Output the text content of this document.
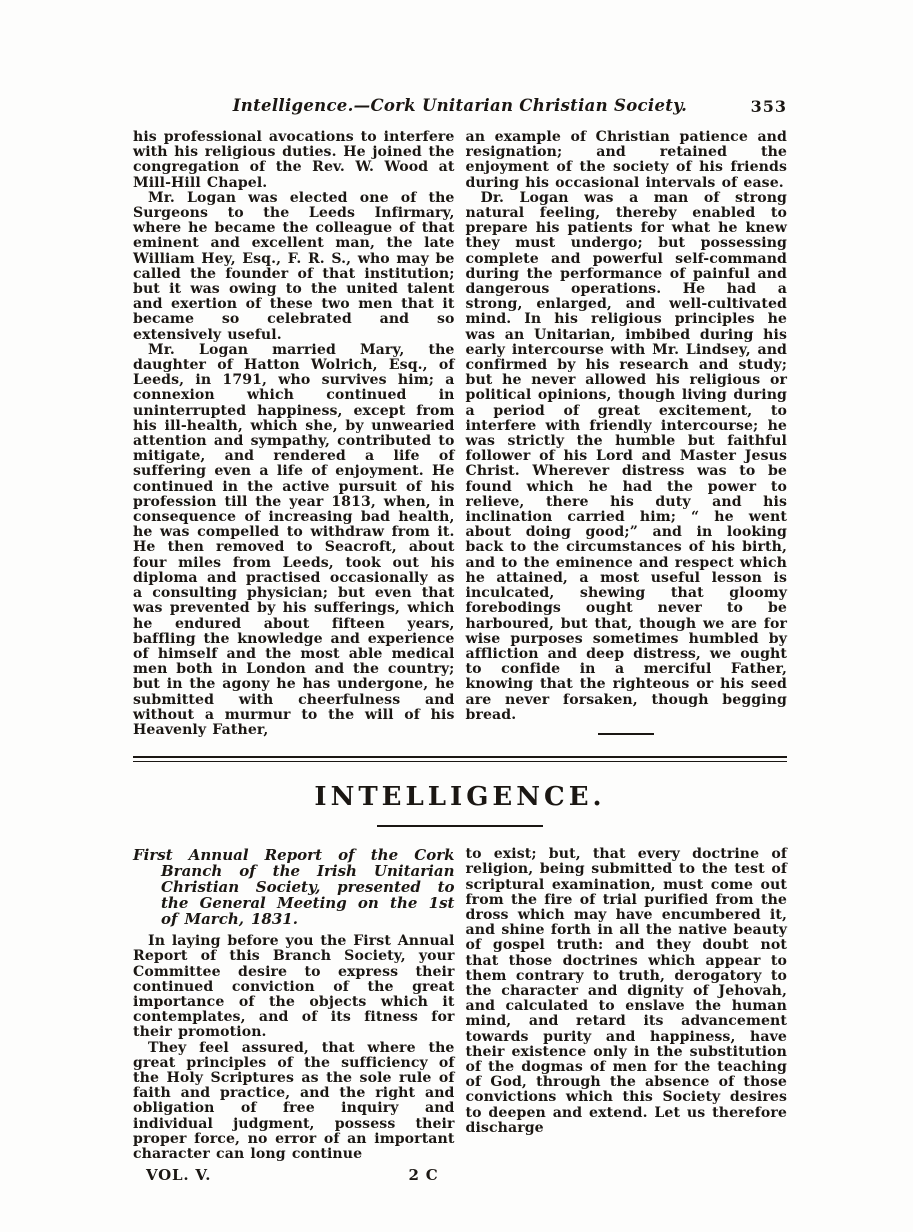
Intelligence.—Cork Unitarian Christian Society.	353

his professional avocations to interfere with his religious duties. He joined the congregation of the Rev. W. Wood at Mill-Hill Chapel.

Mr. Logan was elected one of the Surgeons to the Leeds Infirmary, where he became the colleague of that eminent and excellent man, the late William Hey, Esq., F. R. S., who may be called the founder of that institution; but it was owing to the united talent and exertion of these two men that it became so celebrated and so extensively useful.

Mr. Logan married Mary, the daughter of Hatton Wolrich, Esq., of Leeds, in 1791, who survives him; a connexion which continued in uninterrupted happiness, except from his ill-health, which she, by unwearied attention and sympathy, contributed to mitigate, and rendered a life of suffering even a life of enjoyment. He continued in the active pursuit of his profession till the year 1813, when, in consequence of increasing bad health, he was compelled to withdraw from it. He then removed to Seacroft, about four miles from Leeds, took out his diploma and practised occasionally as a consulting physician; but even that was prevented by his sufferings, which he endured about fifteen years, baffling the knowledge and experience of himself and the most able medical men both in London and the country; but in the agony he has undergone, he submitted with cheerfulness and without a murmur to the will of his Heavenly Father,

an example of Christian patience and resignation; and retained the enjoyment of the society of his friends during his occasional intervals of ease.

Dr. Logan was a man of strong natural feeling, thereby enabled to prepare his patients for what he knew they must undergo; but possessing complete and powerful self-command during the performance of painful and dangerous operations. He had a strong, enlarged, and well-cultivated mind. In his religious principles he was an Unitarian, imbibed during his early intercourse with Mr. Lindsey, and confirmed by his research and study; but he never allowed his religious or political opinions, though living during a period of great excitement, to interfere with friendly intercourse; he was strictly the humble but faithful follower of his Lord and Master Jesus Christ. Wherever distress was to be found which he had the power to relieve, there his duty and his inclination carried him; “ he went about doing good;” and in looking back to the circumstances of his birth, and to the eminence and respect which he attained, a most useful lesson is inculcated, shewing that gloomy forebodings ought never to be harboured, but that, though we are for wise purposes sometimes humbled by affliction and deep distress, we ought to confide in a merciful Father, knowing that the righteous or his seed are never forsaken, though begging bread.

INTELLIGENCE.

First Annual Report of the Cork Branch of the Irish Unitarian Christian Society, presented to the General Meeting on the 1st of March, 1831.

In laying before you the First Annual Report of this Branch Society, your Committee desire to express their continued conviction of the great importance of the objects which it contemplates, and of its fitness for their promotion.

They feel assured, that where the great principles of the sufficiency of the Holy Scriptures as the sole rule of faith and practice, and the right and obligation of free inquiry and individual judgment, possess their proper force, no error of an important character can long continue

VOL. V.	2 C

to exist; but, that every doctrine of religion, being submitted to the test of scriptural examination, must come out from the fire of trial purified from the dross which may have encumbered it, and shine forth in all the native beauty of gospel truth: and they doubt not that those doctrines which appear to them contrary to truth, derogatory to the character and dignity of Jehovah, and calculated to enslave the human mind, and retard its advancement towards purity and happiness, have their existence only in the substitution of the dogmas of men for the teaching of God, through the absence of those convictions which this Society desires to deepen and extend. Let us therefore discharge
